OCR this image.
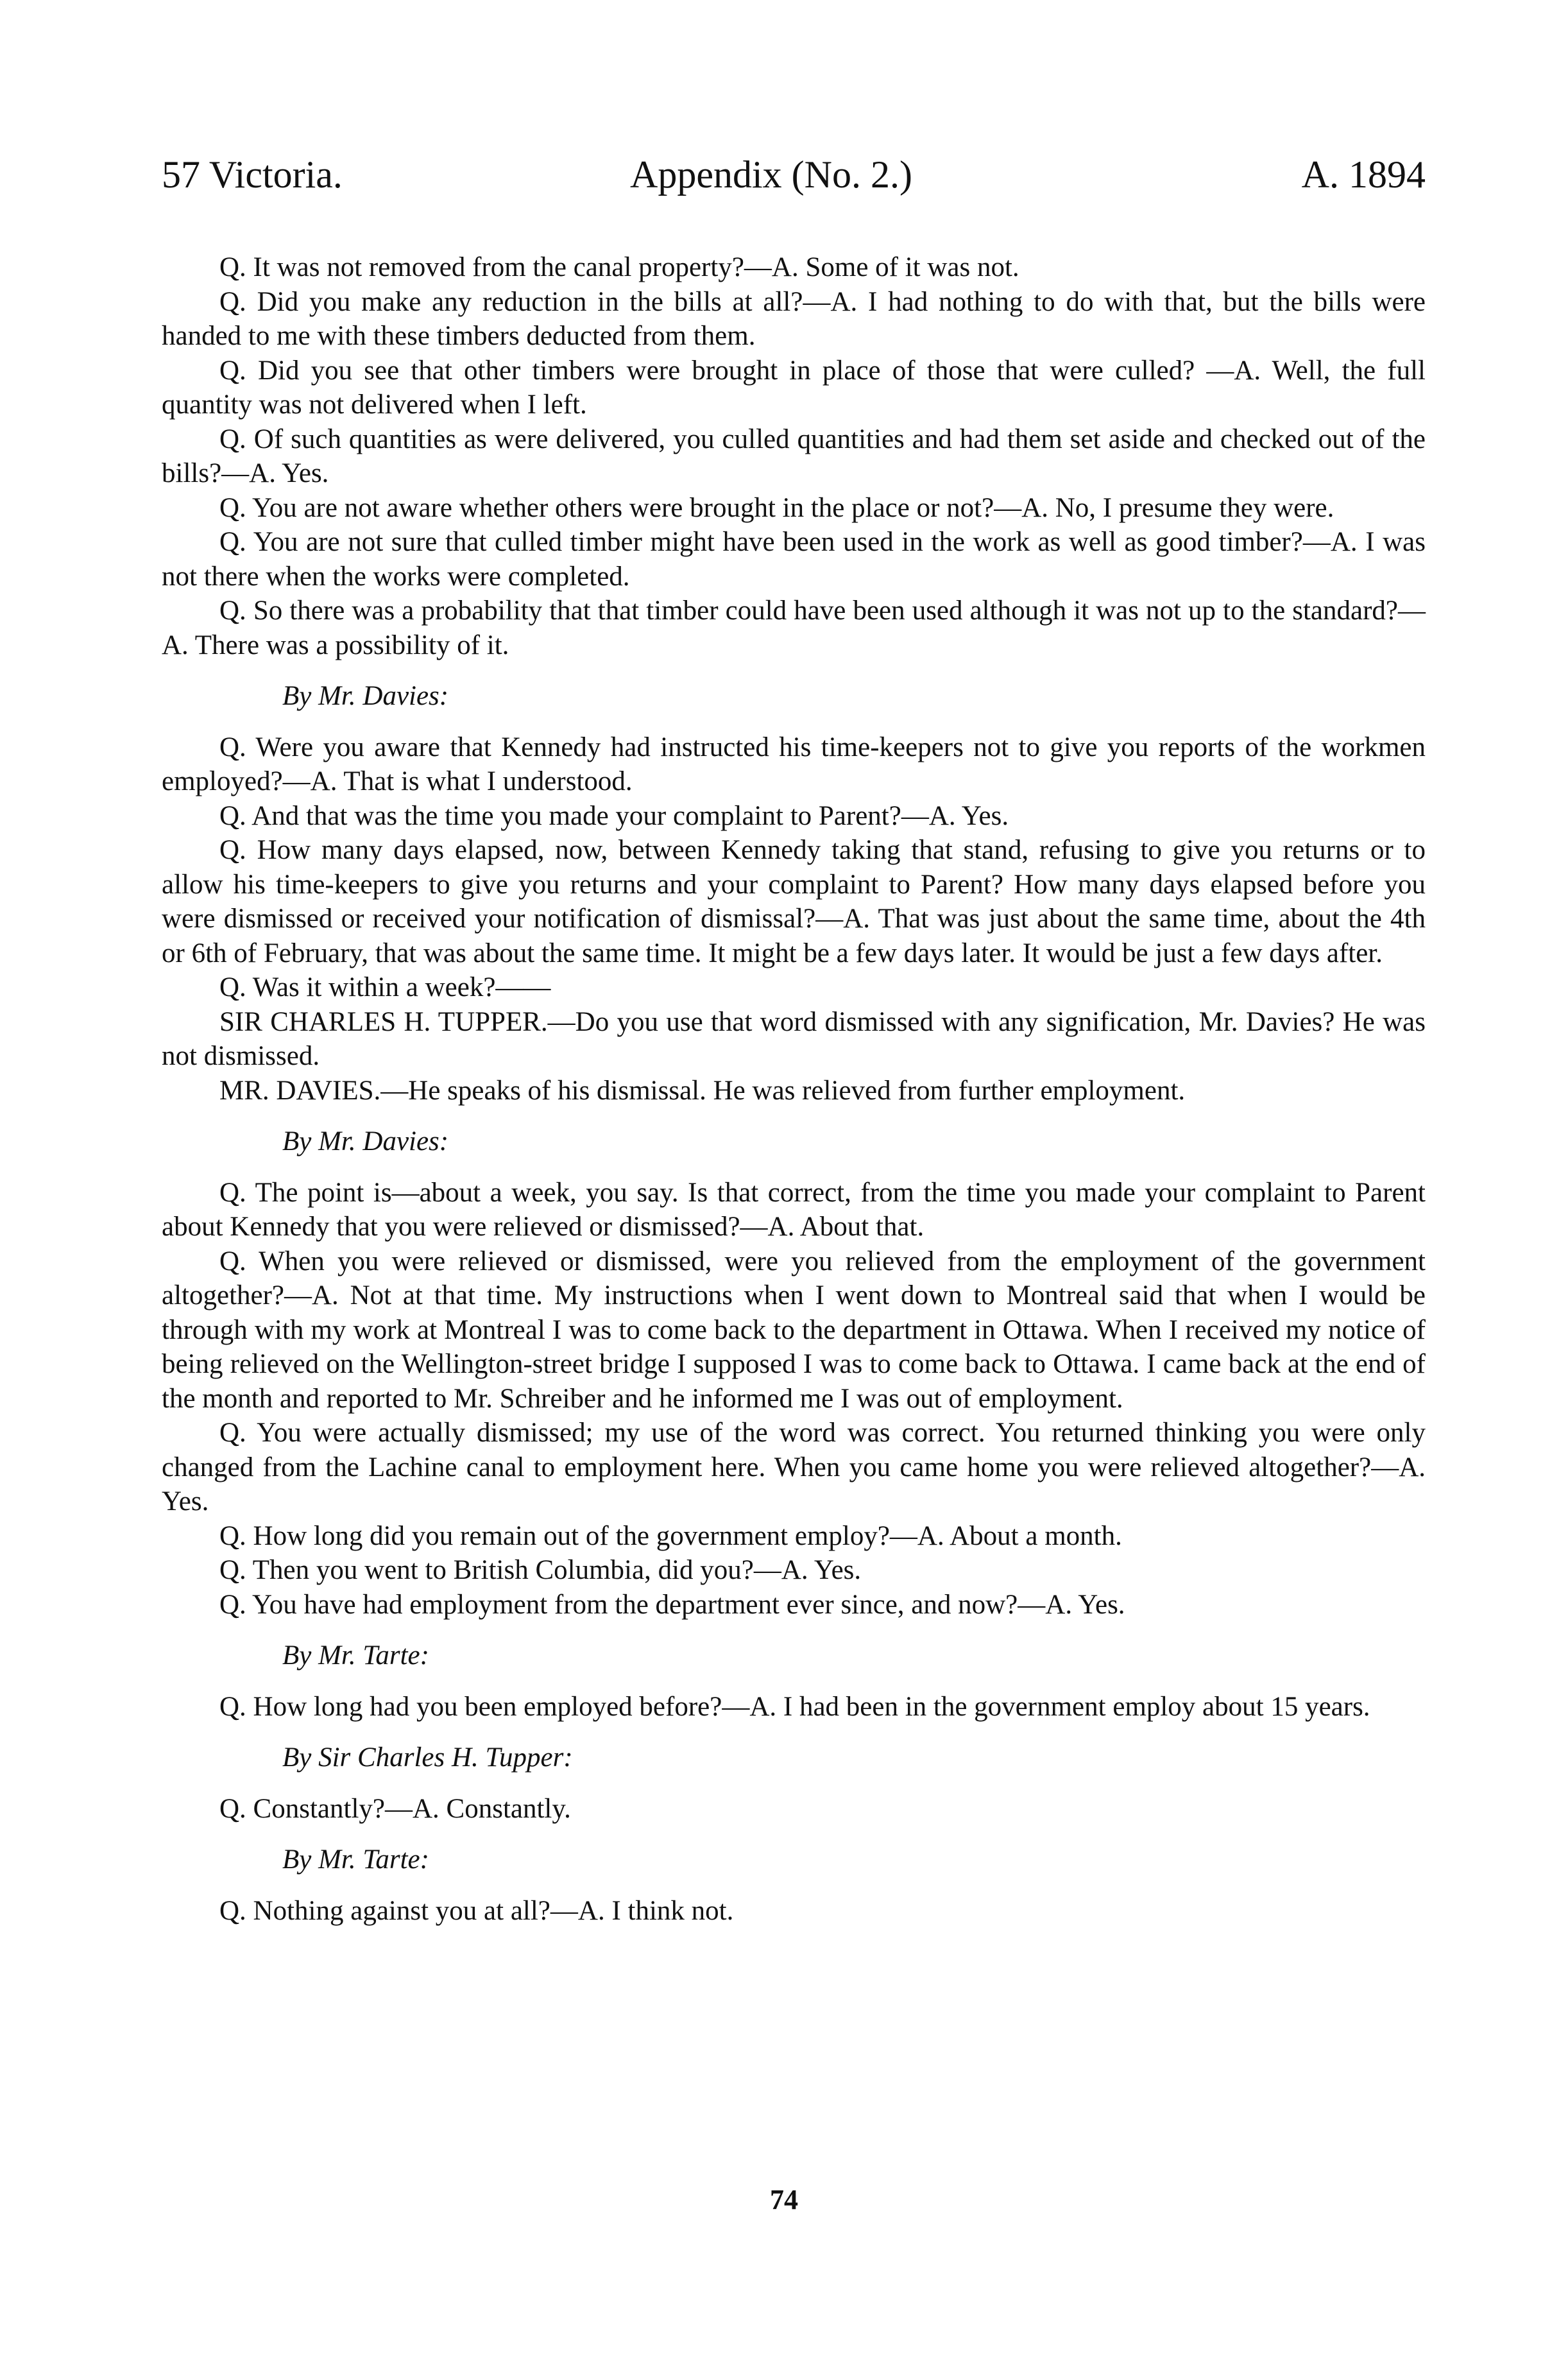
57 Victoria.	Appendix (No. 2.)	A. 1894

Q. It was not removed from the canal property?—A. Some of it was not.

Q. Did you make any reduction in the bills at all?—A. I had nothing to do with that, but the bills were handed to me with these timbers deducted from them.

Q. Did you see that other timbers were brought in place of those that were culled? —A. Well, the full quantity was not delivered when I left.

Q. Of such quantities as were delivered, you culled quantities and had them set aside and checked out of the bills?—A. Yes.

Q. You are not aware whether others were brought in the place or not?—A. No, I presume they were.

Q. You are not sure that culled timber might have been used in the work as well as good timber?—A. I was not there when the works were completed.

Q. So there was a probability that that timber could have been used although it was not up to the standard?—A. There was a possibility of it.

By Mr. Davies:

Q. Were you aware that Kennedy had instructed his time-keepers not to give you reports of the workmen employed?—A. That is what I understood.

Q. And that was the time you made your complaint to Parent?—A. Yes.

Q. How many days elapsed, now, between Kennedy taking that stand, refusing to give you returns or to allow his time-keepers to give you returns and your complaint to Parent? How many days elapsed before you were dismissed or received your notification of dismissal?—A. That was just about the same time, about the 4th or 6th of February, that was about the same time. It might be a few days later. It would be just a few days after.

Q. Was it within a week?——

SIR CHARLES H. TUPPER.—Do you use that word dismissed with any signification, Mr. Davies? He was not dismissed.

MR. DAVIES.—He speaks of his dismissal. He was relieved from further employment.

By Mr. Davies:

Q. The point is—about a week, you say. Is that correct, from the time you made your complaint to Parent about Kennedy that you were relieved or dismissed?—A. About that.

Q. When you were relieved or dismissed, were you relieved from the employment of the government altogether?—A. Not at that time. My instructions when I went down to Montreal said that when I would be through with my work at Montreal I was to come back to the department in Ottawa. When I received my notice of being relieved on the Wellington-street bridge I supposed I was to come back to Ottawa. I came back at the end of the month and reported to Mr. Schreiber and he informed me I was out of employment.

Q. You were actually dismissed; my use of the word was correct. You returned thinking you were only changed from the Lachine canal to employment here. When you came home you were relieved altogether?—A. Yes.

Q. How long did you remain out of the government employ?—A. About a month.

Q. Then you went to British Columbia, did you?—A. Yes.

Q. You have had employment from the department ever since, and now?—A. Yes.

By Mr. Tarte:

Q. How long had you been employed before?—A. I had been in the government employ about 15 years.

By Sir Charles H. Tupper:

Q. Constantly?—A. Constantly.

By Mr. Tarte:

Q. Nothing against you at all?—A. I think not.

74
